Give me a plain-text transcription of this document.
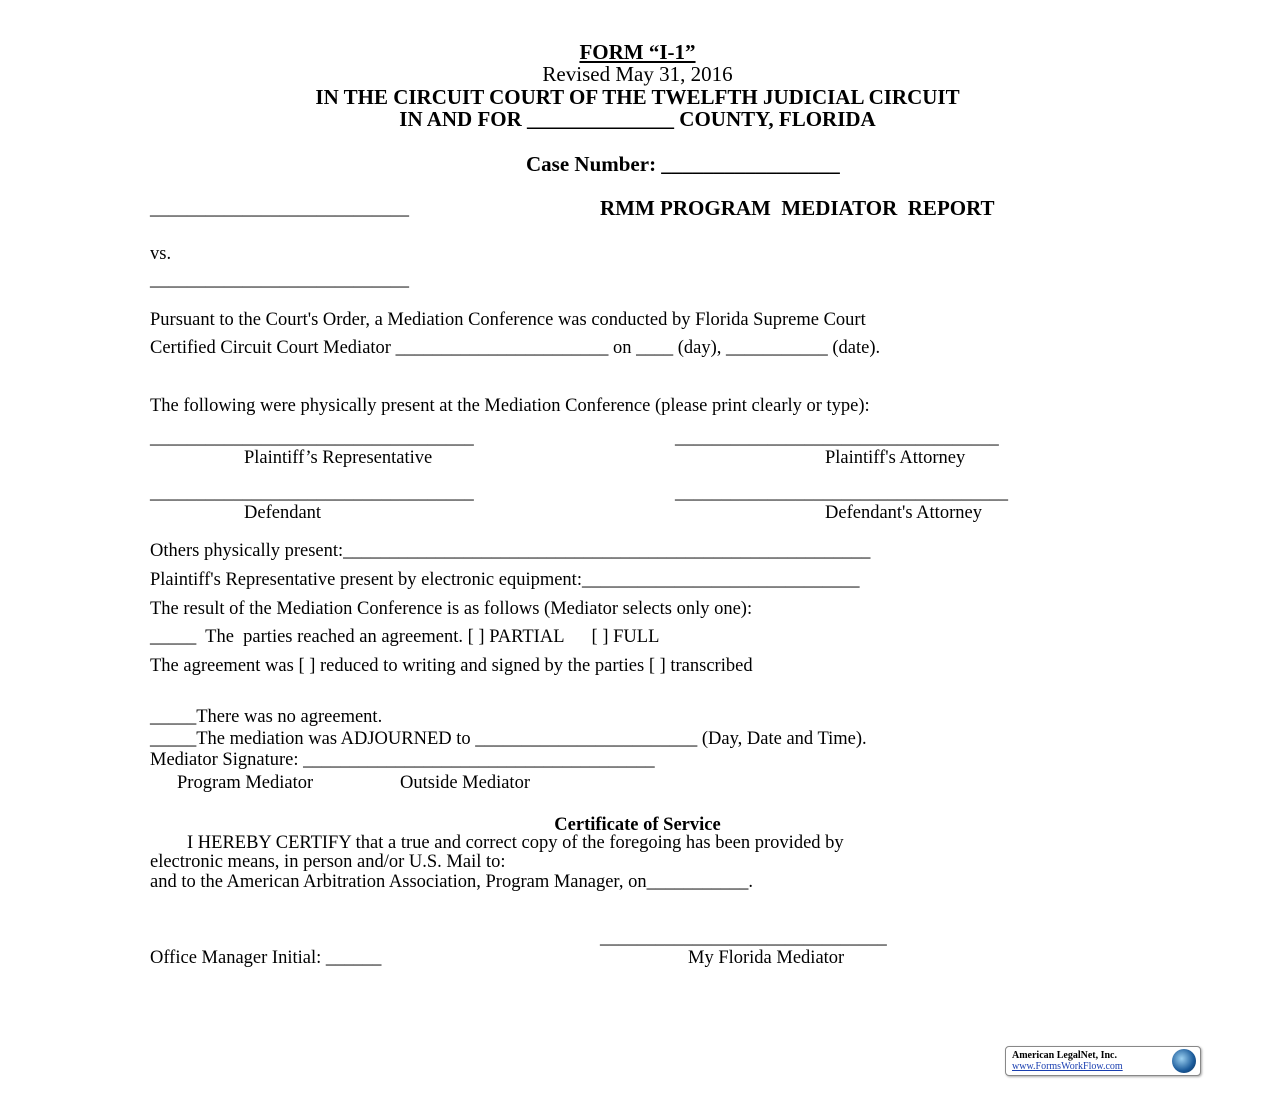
FORM “I-1”
Revised May 31, 2016
IN THE CIRCUIT COURT OF THE TWELFTH JUDICIAL CIRCUIT
IN AND FOR ______________ COUNTY, FLORIDA
Case Number: _________________
____________________________	RMM PROGRAM  MEDIATOR  REPORT
vs.
____________________________
Pursuant to the Court's Order, a Mediation Conference was conducted by Florida Supreme Court
Certified Circuit Court Mediator _______________________ on ____ (day), ___________ (date).
The following were physically present at the Mediation Conference (please print clearly or type):
___________________________________	___________________________________
Plaintiff’s Representative	Plaintiff's Attorney
___________________________________	____________________________________
Defendant	Defendant's Attorney
Others physically present:_________________________________________________________
Plaintiff's Representative present by electronic equipment:______________________________
The result of the Mediation Conference is as follows (Mediator selects only one):
_____  The  parties reached an agreement. [ ] PARTIAL      [ ] FULL
The agreement was [ ] reduced to writing and signed by the parties [ ] transcribed
_____There was no agreement.
_____The mediation was ADJOURNED to ________________________ (Day, Date and Time).
Mediator Signature: ______________________________________
Program Mediator	Outside Mediator
Certificate of Service
I HEREBY CERTIFY that a true and correct copy of the foregoing has been provided by
electronic means, in person and/or U.S. Mail to:
and to the American Arbitration Association, Program Manager, on___________.
_______________________________
Office Manager Initial: ______	My Florida Mediator
American LegalNet, Inc.
www.FormsWorkFlow.com
